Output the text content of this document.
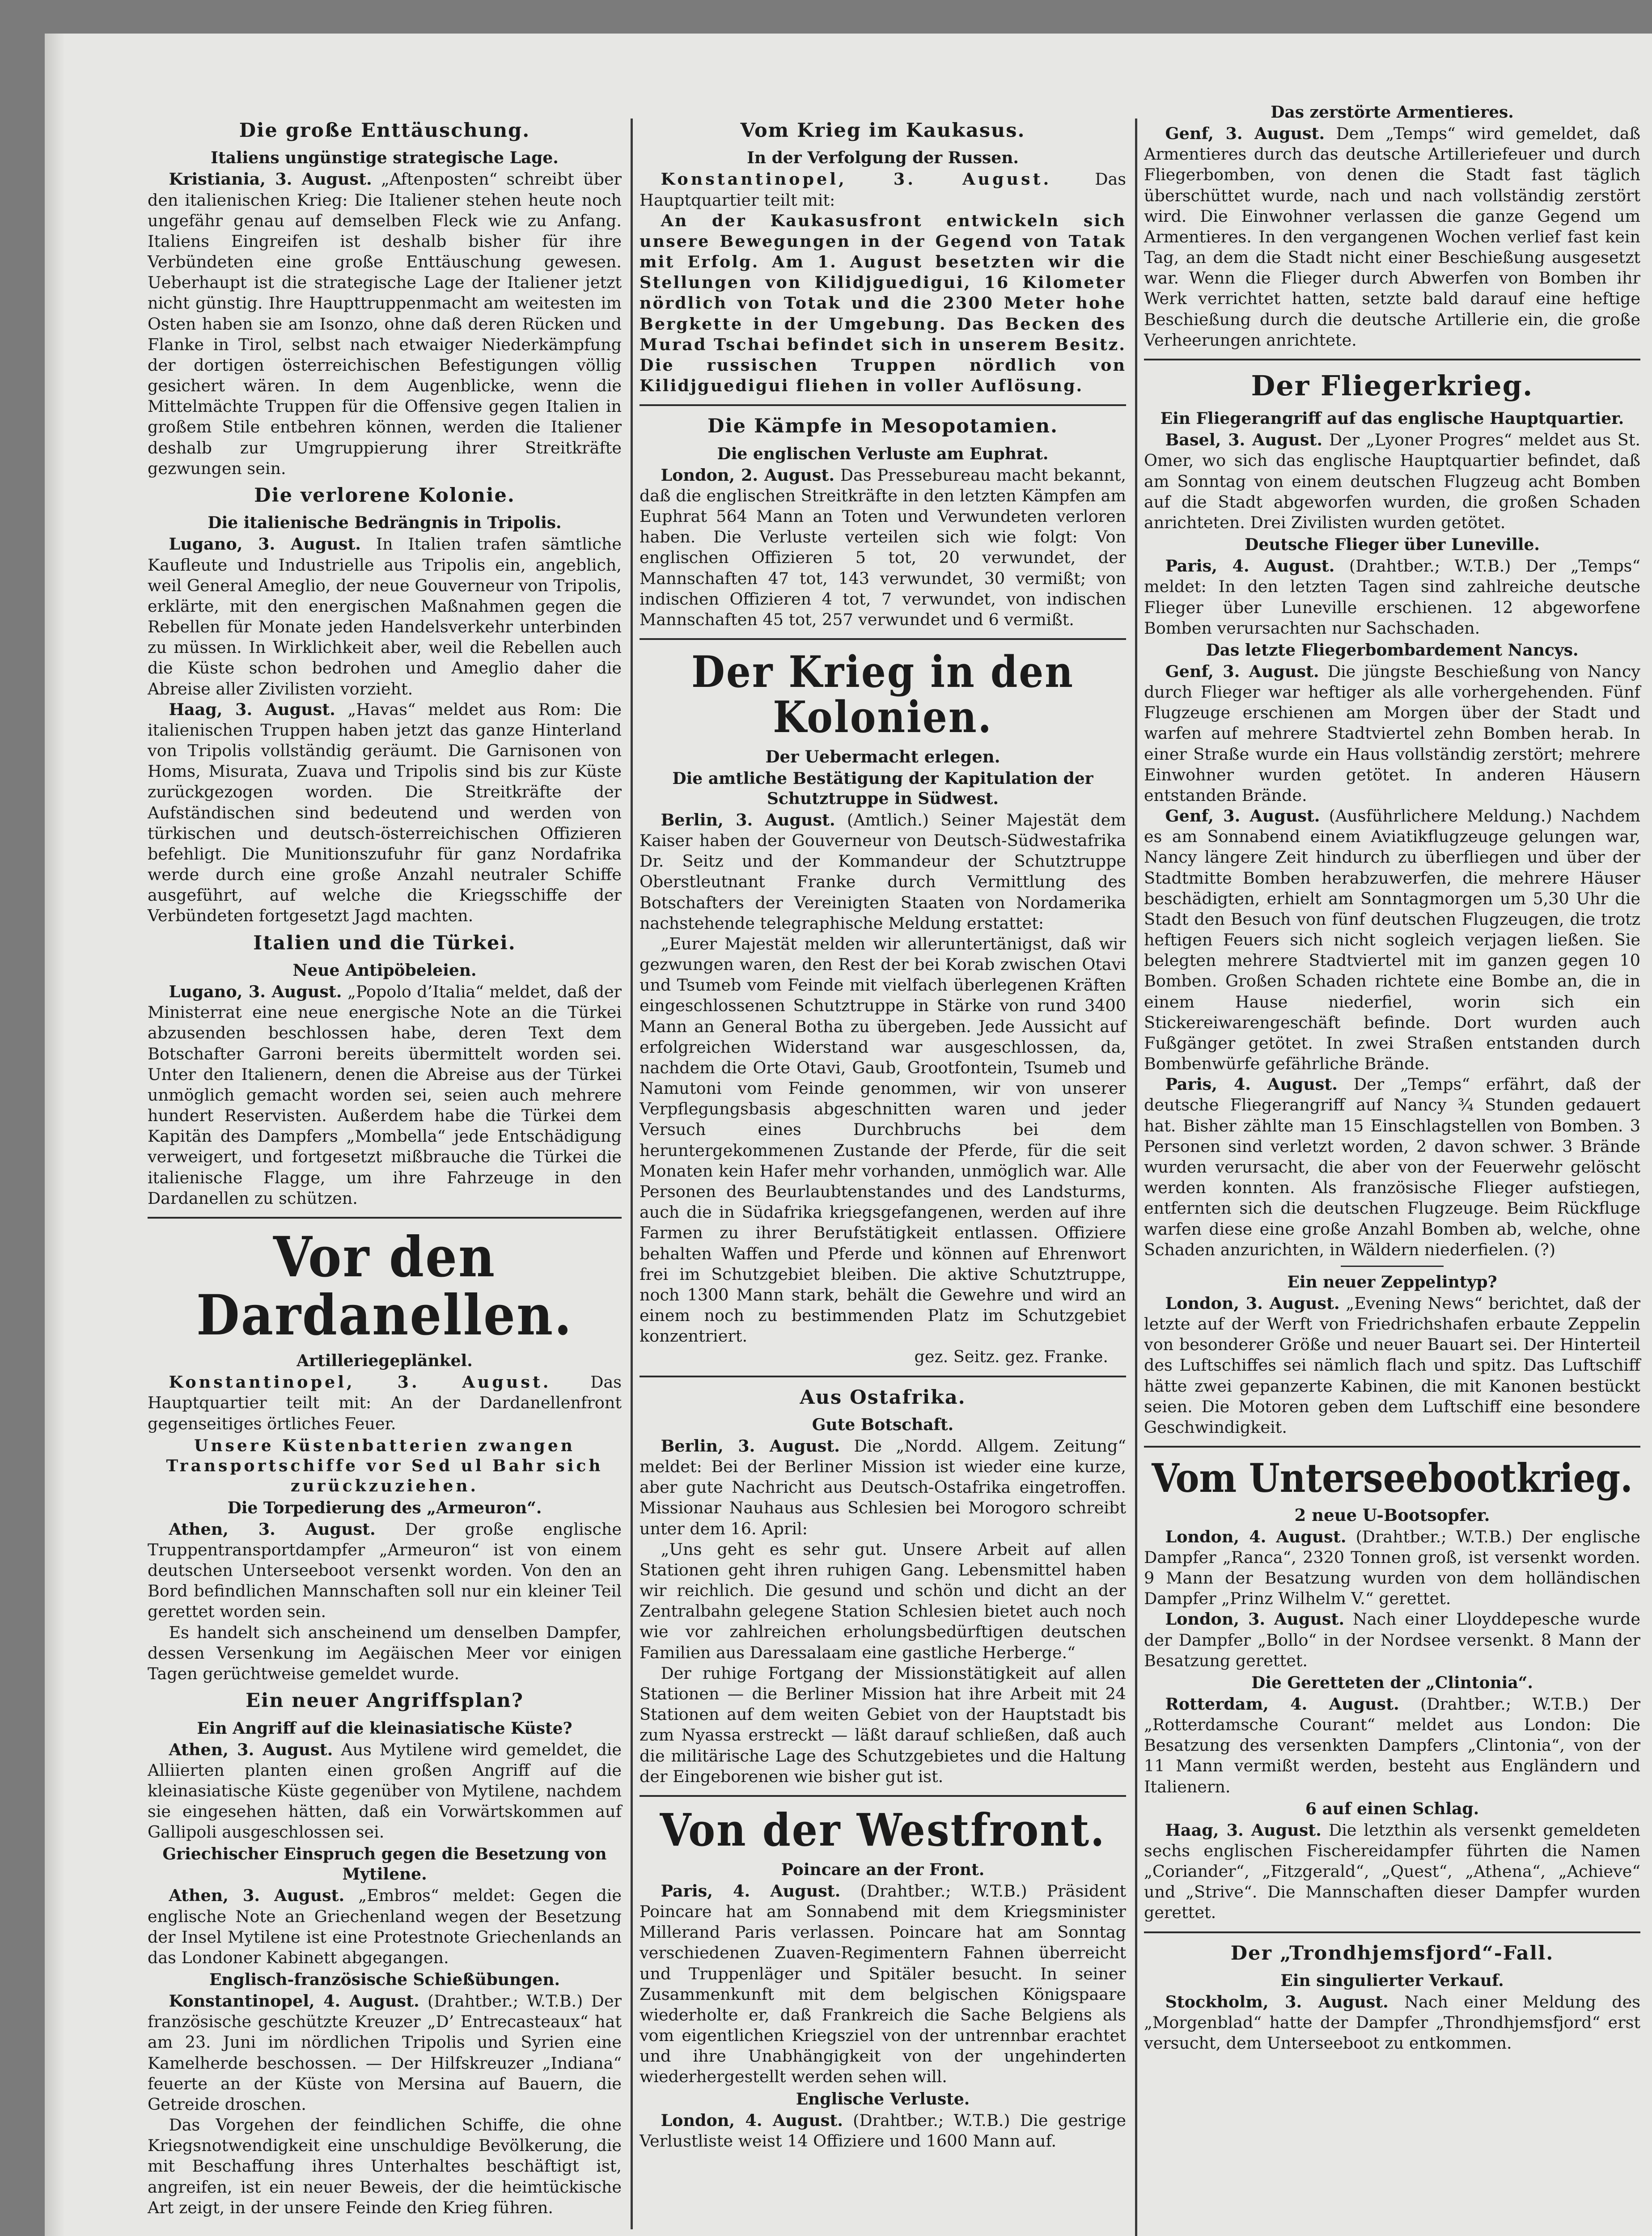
Die große Enttäuschung.
Italiens ungünstige strategische Lage.

Kristiania, 3. August. „Aftenposten“ schreibt über den italienischen Krieg: Die Italiener stehen heute noch ungefähr genau auf demselben Fleck wie zu Anfang. Italiens Eingreifen ist deshalb bisher für ihre Verbündeten eine große Enttäuschung gewesen. Ueberhaupt ist die strategische Lage der Italiener jetzt nicht günstig. Ihre Haupttruppenmacht am weitesten im Osten haben sie am Isonzo, ohne daß deren Rücken und Flanke in Tirol, selbst nach etwaiger Niederkämpfung der dortigen österreichischen Befestigungen völlig gesichert wären. In dem Augenblicke, wenn die Mittelmächte Truppen für die Offensive gegen Italien in großem Stile entbehren können, werden die Italiener deshalb zur Umgruppierung ihrer Streitkräfte gezwungen sein.

Die verlorene Kolonie.
Die italienische Bedrängnis in Tripolis.

Lugano, 3. August. In Italien trafen sämtliche Kaufleute und Industrielle aus Tripolis ein, angeblich, weil General Ameglio, der neue Gouverneur von Tripolis, erklärte, mit den energischen Maßnahmen gegen die Rebellen für Monate jeden Handelsverkehr unterbinden zu müssen. In Wirklichkeit aber, weil die Rebellen auch die Küste schon bedrohen und Ameglio daher die Abreise aller Zivilisten vorzieht.

Haag, 3. August. „Havas“ meldet aus Rom: Die italienischen Truppen haben jetzt das ganze Hinterland von Tripolis vollständig geräumt. Die Garnisonen von Homs, Misurata, Zuava und Tripolis sind bis zur Küste zurückgezogen worden. Die Streitkräfte der Aufständischen sind bedeutend und werden von türkischen und deutsch-österreichischen Offizieren befehligt. Die Munitionszufuhr für ganz Nordafrika werde durch eine große Anzahl neutraler Schiffe ausgeführt, auf welche die Kriegsschiffe der Verbündeten fortgesetzt Jagd machten.

Italien und die Türkei.
Neue Antipöbeleien.

Lugano, 3. August. „Popolo d’Italia“ meldet, daß der Ministerrat eine neue energische Note an die Türkei abzusenden beschlossen habe, deren Text dem Botschafter Garroni bereits übermittelt worden sei. Unter den Italienern, denen die Abreise aus der Türkei unmöglich gemacht worden sei, seien auch mehrere hundert Reservisten. Außerdem habe die Türkei dem Kapitän des Dampfers „Mombella“ jede Entschädigung verweigert, und fortgesetzt mißbrauche die Türkei die italienische Flagge, um ihre Fahrzeuge in den Dardanellen zu schützen.

Vor den Dardanellen.
Artilleriegeplänkel.

Konstantinopel, 3. August. Das Hauptquartier teilt mit: An der Dardanellenfront gegenseitiges örtliches Feuer.

Unsere Küstenbatterien zwangen Transportschiffe vor Sed ul Bahr sich zurückzuziehen.
Die Torpedierung des „Armeuron“.

Athen, 3. August. Der große englische Truppentransportdampfer „Armeuron“ ist von einem deutschen Unterseeboot versenkt worden. Von den an Bord befindlichen Mannschaften soll nur ein kleiner Teil gerettet worden sein.

Es handelt sich anscheinend um denselben Dampfer, dessen Versenkung im Aegäischen Meer vor einigen Tagen gerüchtweise gemeldet wurde.

Ein neuer Angriffsplan?
Ein Angriff auf die kleinasiatische Küste?

Athen, 3. August. Aus Mytilene wird gemeldet, die Alliierten planten einen großen Angriff auf die kleinasiatische Küste gegenüber von Mytilene, nachdem sie eingesehen hätten, daß ein Vorwärtskommen auf Gallipoli ausgeschlossen sei.

Griechischer Einspruch gegen die Besetzung von Mytilene.

Athen, 3. August. „Embros“ meldet: Gegen die englische Note an Griechenland wegen der Besetzung der Insel Mytilene ist eine Protestnote Griechenlands an das Londoner Kabinett abgegangen.

Englisch-französische Schießübungen.

Konstantinopel, 4. August. (Drahtber.; W.T.B.) Der französische geschützte Kreuzer „D’ Entrecasteaux“ hat am 23. Juni im nördlichen Tripolis und Syrien eine Kamelherde beschossen. — Der Hilfskreuzer „Indiana“ feuerte an der Küste von Mersina auf Bauern, die Getreide droschen.

Das Vorgehen der feindlichen Schiffe, die ohne Kriegsnotwendigkeit eine unschuldige Bevölkerung, die mit Beschaffung ihres Unterhaltes beschäftigt ist, angreifen, ist ein neuer Beweis, der die heimtückische Art zeigt, in der unsere Feinde den Krieg führen.

Vom Krieg im Kaukasus.
In der Verfolgung der Russen.

Konstantinopel, 3. August.	Das Hauptquartier teilt mit:

An der Kaukasusfront entwickeln sich unsere Bewegungen in der Gegend von Tatak mit Erfolg. Am 1. August besetzten wir die Stellungen von Kilidjguedigui, 16 Kilometer nördlich von Totak und die 2300 Meter hohe Bergkette in der Umgebung. Das Becken des Murad Tschai befindet sich in unserem Besitz. Die russischen Truppen nördlich von Kilidjguedigui fliehen in voller Auflösung.

Die Kämpfe in Mesopotamien.
Die englischen Verluste am Euphrat.

London, 2. August. Das Pressebureau macht bekannt, daß die englischen Streitkräfte in den letzten Kämpfen am Euphrat 564 Mann an Toten und Verwundeten verloren haben. Die Verluste verteilen sich wie folgt: Von englischen Offizieren 5 tot, 20 verwundet, der Mannschaften 47 tot, 143 verwundet, 30 vermißt; von indischen Offizieren 4 tot, 7 verwundet, von indischen Mannschaften 45 tot, 257 verwundet und 6 vermißt.

Der Krieg in den Kolonien.
Der Uebermacht erlegen.
Die amtliche Bestätigung der Kapitulation der Schutztruppe in Südwest.

Berlin, 3. August. (Amtlich.) Seiner Majestät dem Kaiser haben der Gouverneur von Deutsch-Südwestafrika Dr. Seitz und der Kommandeur der Schutztruppe Oberstleutnant Franke durch Vermittlung des Botschafters der Vereinigten Staaten von Nordamerika nachstehende telegraphische Meldung erstattet:

„Eurer Majestät melden wir alleruntertänigst, daß wir gezwungen waren, den Rest der bei Korab zwischen Otavi und Tsumeb vom Feinde mit vielfach überlegenen Kräften eingeschlossenen Schutztruppe in Stärke von rund 3400 Mann an General Botha zu übergeben. Jede Aussicht auf erfolgreichen Widerstand war ausgeschlossen, da, nachdem die Orte Otavi, Gaub, Grootfontein, Tsumeb und Namutoni vom Feinde genommen, wir von unserer Verpflegungsbasis abgeschnitten waren und jeder Versuch eines Durchbruchs bei dem heruntergekommenen Zustande der Pferde, für die seit Monaten kein Hafer mehr vorhanden, unmöglich war. Alle Personen des Beurlaubtenstandes und des Landsturms, auch die in Südafrika kriegsgefangenen, werden auf ihre Farmen zu ihrer Berufstätigkeit entlassen. Offiziere behalten Waffen und Pferde und können auf Ehrenwort frei im Schutzgebiet bleiben. Die aktive Schutztruppe, noch 1300 Mann stark, behält die Gewehre und wird an einem noch zu bestimmenden Platz im Schutzgebiet konzentriert.

gez. Seitz. gez. Franke.

Aus Ostafrika.
Gute Botschaft.

Berlin, 3. August. Die „Nordd. Allgem. Zeitung“ meldet: Bei der Berliner Mission ist wieder eine kurze, aber gute Nachricht aus Deutsch-Ostafrika eingetroffen. Missionar Nauhaus aus Schlesien bei Morogoro schreibt unter dem 16. April:

„Uns geht es sehr gut. Unsere Arbeit auf allen Stationen geht ihren ruhigen Gang. Lebensmittel haben wir reichlich. Die gesund und schön und dicht an der Zentralbahn gelegene Station Schlesien bietet auch noch wie vor zahlreichen erholungsbedürftigen deutschen Familien aus Daressalaam eine gastliche Herberge.“

Der ruhige Fortgang der Missionstätigkeit auf allen Stationen — die Berliner Mission hat ihre Arbeit mit 24 Stationen auf dem weiten Gebiet von der Hauptstadt bis zum Nyassa erstreckt — läßt darauf schließen, daß auch die militärische Lage des Schutzgebietes und die Haltung der Eingeborenen wie bisher gut ist.

Von der Westfront.
Poincare an der Front.

Paris, 4. August. (Drahtber.; W.T.B.) Präsident Poincare hat am Sonnabend mit dem Kriegsminister Millerand Paris verlassen. Poincare hat am Sonntag verschiedenen Zuaven-Regimentern Fahnen überreicht und Truppenläger und Spitäler besucht. In seiner Zusammenkunft mit dem belgischen Königspaare wiederholte er, daß Frankreich die Sache Belgiens als vom eigentlichen Kriegsziel von der untrennbar erachtet und ihre Unabhängigkeit von der ungehinderten wiederhergestellt werden sehen will.

Englische Verluste.

London, 4. August. (Drahtber.; W.T.B.) Die gestrige Verlustliste weist 14 Offiziere und 1600 Mann auf.

Das zerstörte Armentieres.

Genf, 3. August. Dem „Temps“ wird gemeldet, daß Armentieres durch das deutsche Artilleriefeuer und durch Fliegerbomben, von denen die Stadt fast täglich überschüttet wurde, nach und nach vollständig zerstört wird. Die Einwohner verlassen die ganze Gegend um Armentieres. In den vergangenen Wochen verlief fast kein Tag, an dem die Stadt nicht einer Beschießung ausgesetzt war. Wenn die Flieger durch Abwerfen von Bomben ihr Werk verrichtet hatten, setzte bald darauf eine heftige Beschießung durch die deutsche Artillerie ein, die große Verheerungen anrichtete.

Der Fliegerkrieg.
Ein Fliegerangriff auf das englische Hauptquartier.

Basel, 3. August. Der „Lyoner Progres“ meldet aus St. Omer, wo sich das englische Hauptquartier befindet, daß am Sonntag von einem deutschen Flugzeug acht Bomben auf die Stadt abgeworfen wurden, die großen Schaden anrichteten. Drei Zivilisten wurden getötet.

Deutsche Flieger über Luneville.

Paris, 4. August. (Drahtber.; W.T.B.) Der „Temps“ meldet: In den letzten Tagen sind zahlreiche deutsche Flieger über Luneville erschienen. 12 abgeworfene Bomben verursachten nur Sachschaden.

Das letzte Fliegerbombardement Nancys.

Genf, 3. August. Die jüngste Beschießung von Nancy durch Flieger war heftiger als alle vorhergehenden. Fünf Flugzeuge erschienen am Morgen über der Stadt und warfen auf mehrere Stadtviertel zehn Bomben herab. In einer Straße wurde ein Haus vollständig zerstört; mehrere Einwohner wurden getötet. In anderen Häusern entstanden Brände.

Genf, 3. August. (Ausführlichere Meldung.) Nachdem es am Sonnabend einem Aviatikflugzeuge gelungen war, Nancy längere Zeit hindurch zu überfliegen und über der Stadtmitte Bomben herabzuwerfen, die mehrere Häuser beschädigten, erhielt am Sonntagmorgen um 5,30 Uhr die Stadt den Besuch von fünf deutschen Flugzeugen, die trotz heftigen Feuers sich nicht sogleich verjagen ließen. Sie belegten mehrere Stadtviertel mit im ganzen gegen 10 Bomben. Großen Schaden richtete eine Bombe an, die in einem Hause niederfiel, worin sich ein Stickereiwarengeschäft befinde. Dort wurden auch Fußgänger getötet. In zwei Straßen entstanden durch Bombenwürfe gefährliche Brände.

Paris, 4. August. Der „Temps“ erfährt, daß der deutsche Fliegerangriff auf Nancy ¾ Stunden gedauert hat. Bisher zählte man 15 Einschlagstellen von Bomben. 3 Personen sind verletzt worden, 2 davon schwer. 3 Brände wurden verursacht, die aber von der Feuerwehr gelöscht werden konnten. Als französische Flieger aufstiegen, entfernten sich die deutschen Flugzeuge. Beim Rückfluge warfen diese eine große Anzahl Bomben ab, welche, ohne Schaden anzurichten, in Wäldern niederfielen. (?)

Ein neuer Zeppelintyp?

London, 3. August. „Evening News“ berichtet, daß der letzte auf der Werft von Friedrichshafen erbaute Zeppelin von besonderer Größe und neuer Bauart sei. Der Hinterteil des Luftschiffes sei nämlich flach und spitz. Das Luftschiff hätte zwei gepanzerte Kabinen, die mit Kanonen bestückt seien. Die Motoren geben dem Luftschiff eine besondere Geschwindigkeit.

Vom Unterseebootkrieg.
2 neue U-Bootsopfer.

London, 4. August. (Drahtber.; W.T.B.) Der englische Dampfer „Ranca“, 2320 Tonnen groß, ist versenkt worden. 9 Mann der Besatzung wurden von dem holländischen Dampfer „Prinz Wilhelm V.“ gerettet.

London, 3. August. Nach einer Lloyddepesche wurde der Dampfer „Bollo“ in der Nordsee versenkt. 8 Mann der Besatzung gerettet.

Die Geretteten der „Clintonia“.

Rotterdam, 4. August. (Drahtber.; W.T.B.) Der „Rotterdamsche Courant“ meldet aus London: Die Besatzung des versenkten Dampfers „Clintonia“, von der 11 Mann vermißt werden, besteht aus Engländern und Italienern.

6 auf einen Schlag.

Haag, 3. August. Die letzthin als versenkt gemeldeten sechs englischen Fischereidampfer führten die Namen „Coriander“, „Fitzgerald“, „Quest“, „Athena“, „Achieve“ und „Strive“. Die Mannschaften dieser Dampfer wurden gerettet.

Der „Trondhjemsfjord“-Fall.
Ein singulierter Verkauf.

Stockholm, 3. August. Nach einer Meldung des „Morgenblad“ hatte der Dampfer „Throndhjemsfjord“ erst versucht, dem Unterseeboot zu entkommen.
